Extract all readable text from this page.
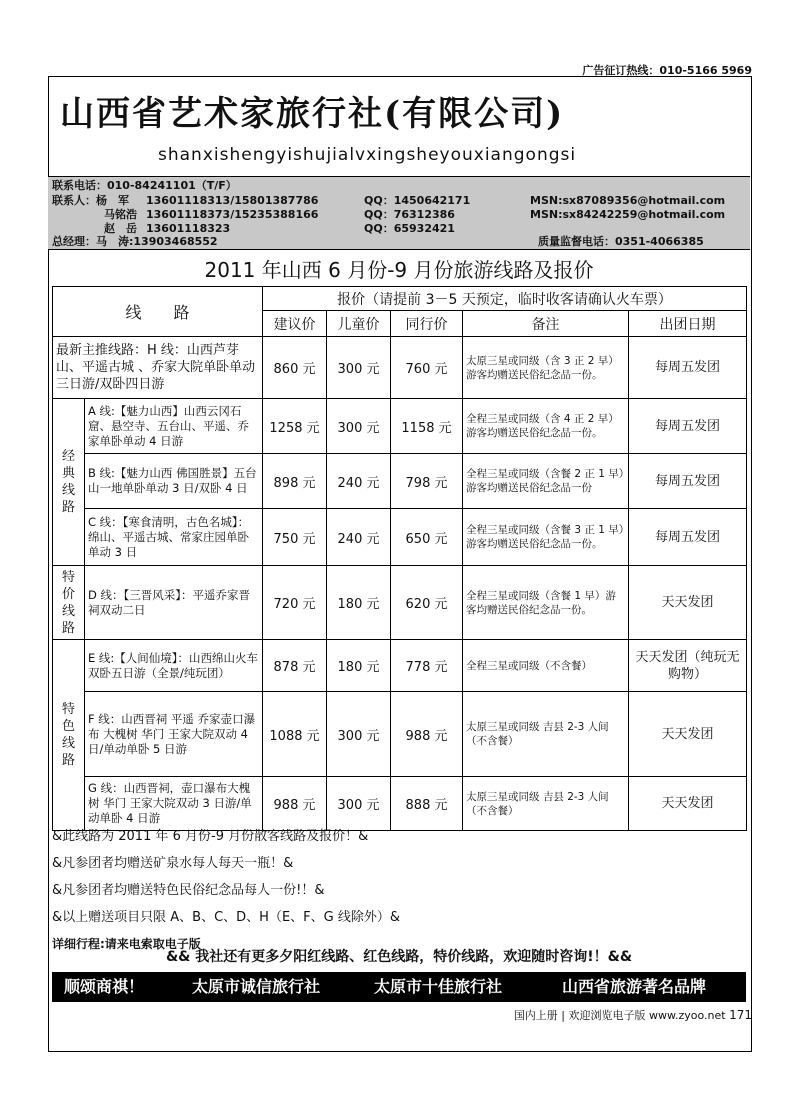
广告征订热线：010-5166 5969
山西省艺术家旅行社(有限公司)
shanxishengyishujialvxingsheyouxiangongsi
联系电话：010-84241101（T/F）
联系人：杨　军 13601118313/15801387786	QQ：1450642171	MSN:sx87089356@hotmail.com
马铭浩 13601118373/15235388166	QQ：76312386	MSN:sx84242259@hotmail.com
赵　岳 13601118323	QQ：65932421
总经理：马　涛:13903468552	质量监督电话：0351-4066385
2011 年山西 6 月份-9 月份旅游线路及报价
线　　路		报价（请提前 3－5 天预定，临时收客请确认火车票）				
		建议价	儿童价	同行价	备注	出团日期
最新主推线路：H 线：山西芦芽山、平遥古城 、乔家大院单卧单动三日游/双卧四日游		860 元	300 元	760 元	太原三星或同级（含 3 正 2 早）游客均赠送民俗纪念品一份。	每周五发团
经典线路	A 线:【魅力山西】山西云冈石窟、悬空寺、五台山、平遥、乔家单卧单动 4 日游	1258 元	300 元	1158 元	全程三星或同级（含 4 正 2 早）游客均赠送民俗纪念品一份。	每周五发团
	B 线:【魅力山西 佛国胜景】五台山一地单卧单动 3 日/双卧 4 日	898 元	240 元	798 元	全程三星或同级（含餐 2 正 1 早）游客均赠送民俗纪念品一份	每周五发团
	C 线：【寒食清明，古色名城】：绵山、平遥古城、常家庄园单卧单动 3 日	750 元	240 元	650 元	全程三星或同级（含餐 3 正 1 早）游客均赠送民俗纪念品一份。	每周五发团
特价线路	D 线：【三晋风采】：平遥乔家晋祠双动二日	720 元	180 元	620 元	全程三星或同级（含餐 1 早）游客均赠送民俗纪念品一份。	天天发团
特色线路	E 线:【人间仙境】：山西绵山火车双卧五日游（全景/纯玩团）	878 元	180 元	778 元	全程三星或同级（不含餐）	天天发团（纯玩无购物）
	F 线：山西晋祠 平遥 乔家壶口瀑布 大槐树 华门 王家大院双动 4 日/单动单卧 5 日游	1088 元	300 元	988 元	太原三星或同级 吉县 2-3 人间（不含餐）	天天发团
	G 线：山西晋祠，壶口瀑布大槐树 华门 王家大院双动 3 日游/单动单卧 4 日游	988 元	300 元	888 元	太原三星或同级 吉县 2-3 人间（不含餐）	天天发团
&此线路为 2011 年 6 月份-9 月份散客线路及报价！&
&凡参团者均赠送矿泉水每人每天一瓶！&
&凡参团者均赠送特色民俗纪念品每人一份!！&
&以上赠送项目只限 A、B、C、D、H（E、F、G 线除外）&
详细行程:请来电索取电子版
&& 我社还有更多夕阳红线路、红色线路，特价线路，欢迎随时咨询!！&&
顺颂商祺！	太原市诚信旅行社	太原市十佳旅行社	山西省旅游著名品牌
国内上册 | 欢迎浏览电子版 www.zyoo.net 171
